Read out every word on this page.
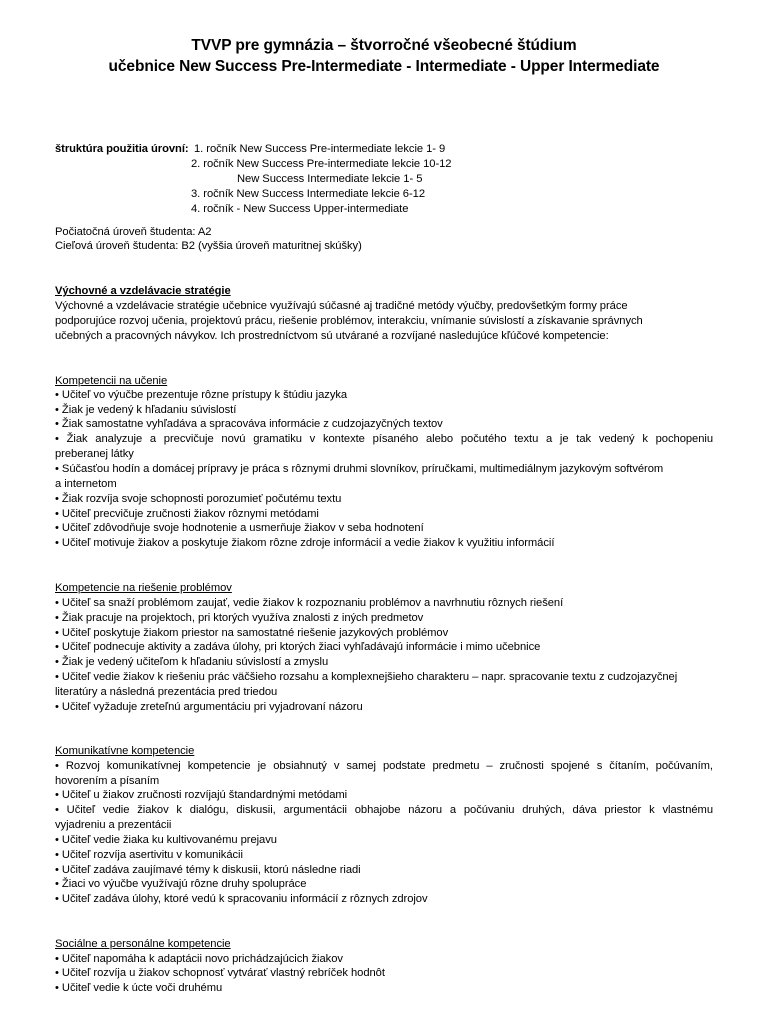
TVVP pre gymnázia – štvorročné všeobecné štúdium
učebnice New Success Pre-Intermediate - Intermediate - Upper Intermediate
štruktúra použitia úrovní: 1. ročník New Success Pre-intermediate lekcie 1- 9
2. ročník New Success Pre-intermediate lekcie 10-12
New Success Intermediate lekcie 1- 5
3. ročník New Success Intermediate lekcie 6-12
4. ročník - New Success Upper-intermediate
Počiatočná úroveň študenta: A2
Cieľová úroveň študenta: B2 (vyššia úroveň maturitnej skúšky)
Výchovné a vzdelávacie stratégie
Výchovné a vzdelávacie stratégie učebnice využívajú súčasné aj tradičné metódy výučby, predovšetkým formy práce
podporujúce rozvoj učenia, projektovú prácu, riešenie problémov, interakciu, vnímanie súvislostí a získavanie správnych
učebných a pracovných návykov. Ich prostredníctvom sú utvárané a rozvíjané nasledujúce kľúčové kompetencie:
Kompetencii na učenie
• Učiteľ vo výučbe prezentuje rôzne prístupy k štúdiu jazyka
• Žiak je vedený k hľadaniu súvislostí
• Žiak samostatne vyhľadáva a spracováva informácie z cudzojazyčných textov
• Žiak analyzuje a precvičuje novú gramatiku v kontexte písaného alebo počutého textu a je tak vedený k pochopeniu
preberanej látky
• Súčasťou hodín a domácej prípravy je práca s rôznymi druhmi slovníkov, príručkami, multimediálnym jazykovým softvérom
a internetom
• Žiak rozvíja svoje schopnosti porozumieť počutému textu
• Učiteľ precvičuje zručnosti žiakov rôznymi metódami
• Učiteľ zdôvodňuje svoje hodnotenie a usmerňuje žiakov v seba hodnotení
• Učiteľ motivuje žiakov a poskytuje žiakom rôzne zdroje informácií a vedie žiakov k využitiu informácií
Kompetencie na riešenie problémov
• Učiteľ sa snaží problémom zaujať, vedie žiakov k rozpoznaniu problémov a navrhnutiu rôznych riešení
• Žiak pracuje na projektoch, pri ktorých využíva znalosti z iných predmetov
• Učiteľ poskytuje žiakom priestor na samostatné riešenie jazykových problémov
• Učiteľ podnecuje aktivity a zadáva úlohy, pri ktorých žiaci vyhľadávajú informácie i mimo učebnice
• Žiak je vedený učiteľom k hľadaniu súvislostí a zmyslu
• Učiteľ vedie žiakov k riešeniu prác väčšieho rozsahu a komplexnejšieho charakteru – napr. spracovanie textu z cudzojazyčnej
literatúry a následná prezentácia pred triedou
• Učiteľ vyžaduje zreteľnú argumentáciu pri vyjadrovaní názoru
Komunikatívne kompetencie
• Rozvoj komunikatívnej kompetencie je obsiahnutý v samej podstate predmetu – zručnosti spojené s čítaním, počúvaním,
hovorením a písaním
• Učiteľ u žiakov zručnosti rozvíjajú štandardnými metódami
• Učiteľ vedie žiakov k dialógu, diskusii, argumentácii obhajobe názoru a počúvaniu druhých, dáva priestor k vlastnému
vyjadreniu a prezentácii
• Učiteľ vedie žiaka ku kultivovanému prejavu
• Učiteľ rozvíja asertivitu v komunikácii
• Učiteľ zadáva zaujímavé témy k diskusii, ktorú následne riadi
• Žiaci vo výučbe využívajú rôzne druhy spolupráce
• Učiteľ zadáva úlohy, ktoré vedú k spracovaniu informácií z rôznych zdrojov
Sociálne a personálne kompetencie
• Učiteľ napomáha k adaptácii novo prichádzajúcich žiakov
• Učiteľ rozvíja u žiakov schopnosť vytvárať vlastný rebríček hodnôt
• Učiteľ vedie k úcte voči druhému
